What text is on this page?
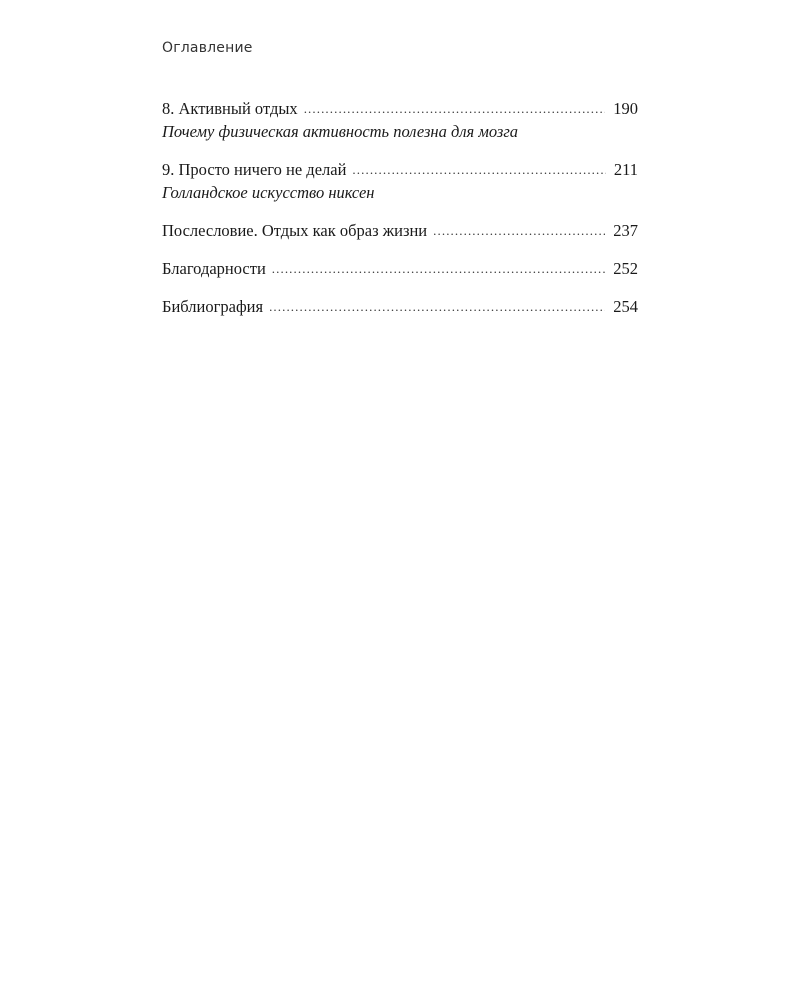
Оглавление
8. Активный отдых .....	190
Почему физическая активность полезна для мозга
9. Просто ничего не делай .....	211
Голландское искусство никсен
Послесловие. Отдых как образ жизни .....	237
Благодарности .....	252
Библиография .....	254
